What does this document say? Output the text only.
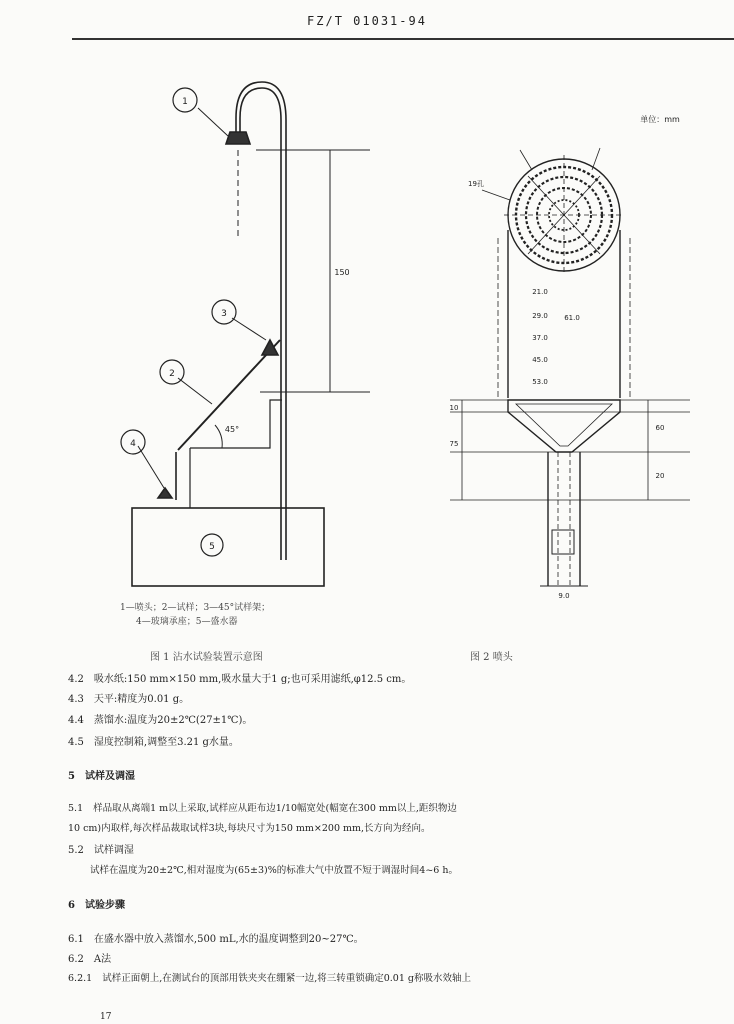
FZ/T 01031-94
1
3
2
4
5
150
45°
单位：mm
19孔
21.0
29.0
37.0
45.0
53.0
61.0
10
75
20
60
9.0
1—喷头；2—试样；3—45°试样架；
4—玻璃承座；5—盛水器
图 1 沾水试验装置示意图	图 2 喷头
4.2 吸水纸:150 mm×150 mm,吸水量大于1 g;也可采用滤纸,φ12.5 cm。
4.3 天平:精度为0.01 g。
4.4 蒸馏水:温度为20±2℃(27±1℃)。
4.5 湿度控制箱,调整至3.21 g水量。
5 试样及调湿
5.1 样品取从离端1 m以上采取,试样应从距布边1/10幅宽处(幅宽在300 mm以上,距织物边
10 cm)内取样,每次样品裁取试样3块,每块尺寸为150 mm×200 mm,长方向为经向。
5.2 试样调湿
试样在温度为20±2℃,相对湿度为(65±3)%的标准大气中放置不短于调湿时间4~6 h。
6 试验步骤
6.1 在盛水器中放入蒸馏水,500 mL,水的温度调整到20~27℃。
6.2 A法
6.2.1 试样正面朝上,在测试台的顶部用铁夹夹在绷紧一边,将三转重锁确定0.01 g称吸水效轴上
17
